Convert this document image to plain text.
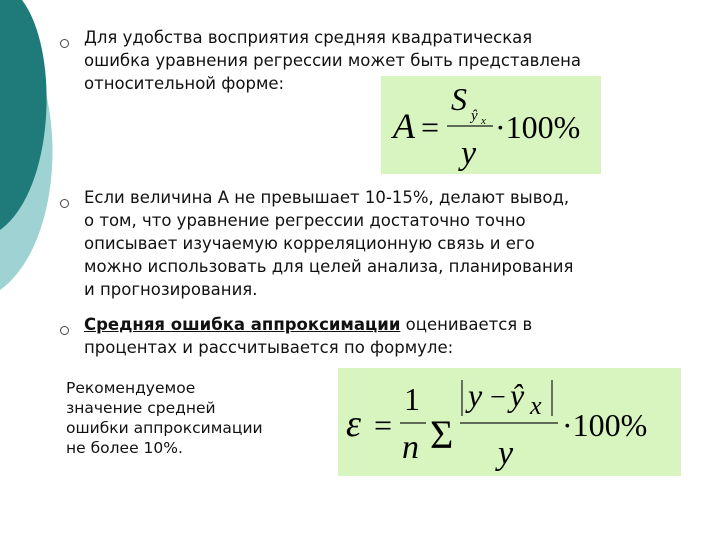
Для удобства восприятия средняя квадратическая
ошибка уравнения регрессии может быть представлена
относительной форме:

A =
S ŷ x
y
·100%

Если величина А не превышает 10-15%, делают вывод,
о том, что уравнение регрессии достаточно точно
описывает изучаемую корреляционную связь и его
можно использовать для целей анализа, планирования
и прогнозирования.

Средняя ошибка аппроксимации оценивается в
процентах и рассчитывается по формуле:

Рекомендуемое
значение средней
ошибки аппроксимации
не более 10%.

ε =
1
n Σ
y − ŷ x
y
·100%
